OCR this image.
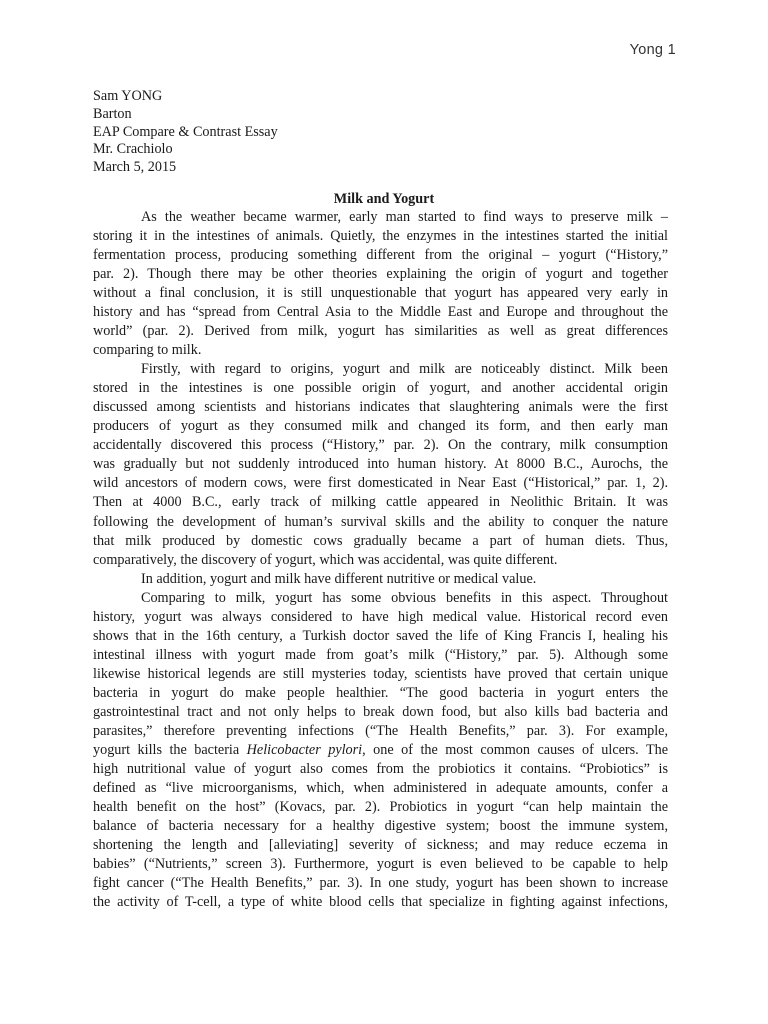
Yong 1
Sam YONG
Barton
EAP Compare & Contrast Essay
Mr. Crachiolo
March 5, 2015
Milk and Yogurt
As the weather became warmer, early man started to find ways to preserve milk –
storing it in the intestines of animals. Quietly, the enzymes in the intestines started the initial
fermentation process, producing something different from the original – yogurt (“History,”
par. 2). Though there may be other theories explaining the origin of yogurt and together
without a final conclusion, it is still unquestionable that yogurt has appeared very early in
history and has “spread from Central Asia to the Middle East and Europe and throughout the
world” (par. 2). Derived from milk, yogurt has similarities as well as great differences
comparing to milk.
Firstly, with regard to origins, yogurt and milk are noticeably distinct. Milk been
stored in the intestines is one possible origin of yogurt, and another accidental origin
discussed among scientists and historians indicates that slaughtering animals were the first
producers of yogurt as they consumed milk and changed its form, and then early man
accidentally discovered this process (“History,” par. 2). On the contrary, milk consumption
was gradually but not suddenly introduced into human history. At 8000 B.C., Aurochs, the
wild ancestors of modern cows, were first domesticated in Near East (“Historical,” par. 1, 2).
Then at 4000 B.C., early track of milking cattle appeared in Neolithic Britain. It was
following the development of human’s survival skills and the ability to conquer the nature
that milk produced by domestic cows gradually became a part of human diets. Thus,
comparatively, the discovery of yogurt, which was accidental, was quite different.
In addition, yogurt and milk have different nutritive or medical value.
Comparing to milk, yogurt has some obvious benefits in this aspect. Throughout
history, yogurt was always considered to have high medical value. Historical record even
shows that in the 16th century, a Turkish doctor saved the life of King Francis I, healing his
intestinal illness with yogurt made from goat’s milk (“History,” par. 5). Although some
likewise historical legends are still mysteries today, scientists have proved that certain unique
bacteria in yogurt do make people healthier. “The good bacteria in yogurt enters the
gastrointestinal tract and not only helps to break down food, but also kills bad bacteria and
parasites,” therefore preventing infections (“The Health Benefits,” par. 3). For example,
yogurt kills the bacteria Helicobacter pylori, one of the most common causes of ulcers. The
high nutritional value of yogurt also comes from the probiotics it contains. “Probiotics” is
defined as “live microorganisms, which, when administered in adequate amounts, confer a
health benefit on the host” (Kovacs, par. 2). Probiotics in yogurt “can help maintain the
balance of bacteria necessary for a healthy digestive system; boost the immune system,
shortening the length and [alleviating] severity of sickness; and may reduce eczema in
babies” (“Nutrients,” screen 3). Furthermore, yogurt is even believed to be capable to help
fight cancer (“The Health Benefits,” par. 3). In one study, yogurt has been shown to increase
the activity of T-cell, a type of white blood cells that specialize in fighting against infections,
